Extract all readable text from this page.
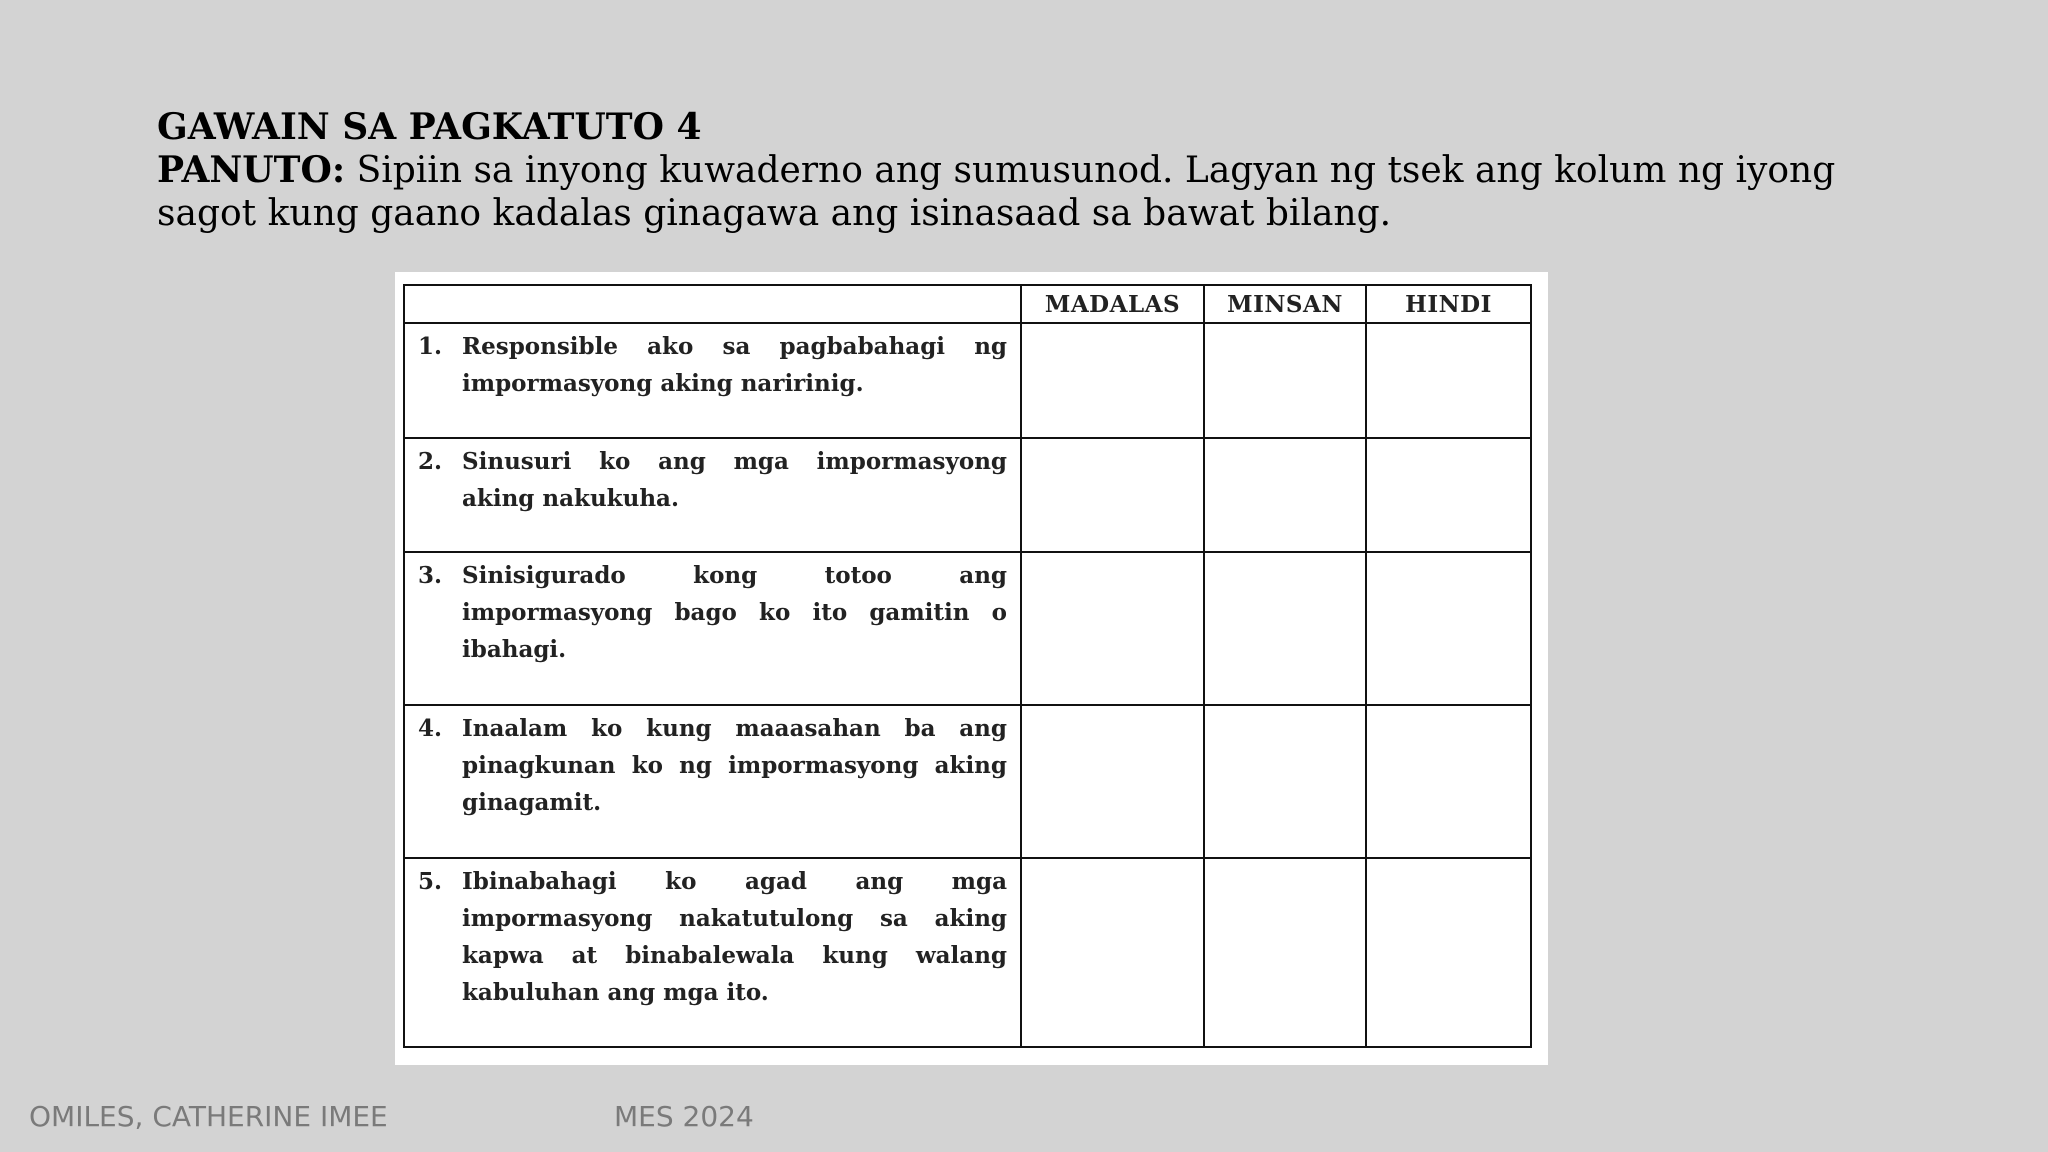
GAWAIN SA PAGKATUTO 4
PANUTO: Sipiin sa inyong kuwaderno ang sumusunod. Lagyan ng tsek ang kolum ng iyong sagot kung gaano kadalas ginagawa ang isinasaad sa bawat bilang.
	MADALAS	MINSAN	HINDI

1. Responsible ako sa pagbabahagi ng impormasyong aking naririnig.			

2. Sinusuri ko ang mga impormasyong aking nakukuha.			

3. Sinisigurado kong totoo ang impormasyong bago ko ito gamitin o ibahagi.			

4. Inaalam ko kung maaasahan ba ang pinagkunan ko ng impormasyong aking ginagamit.			

5. Ibinabahagi ko agad ang mga impormasyong nakatutulong sa aking kapwa at binabalewala kung walang kabuluhan ang mga ito.			

OMILES, CATHERINE IMEE	MES 2024
